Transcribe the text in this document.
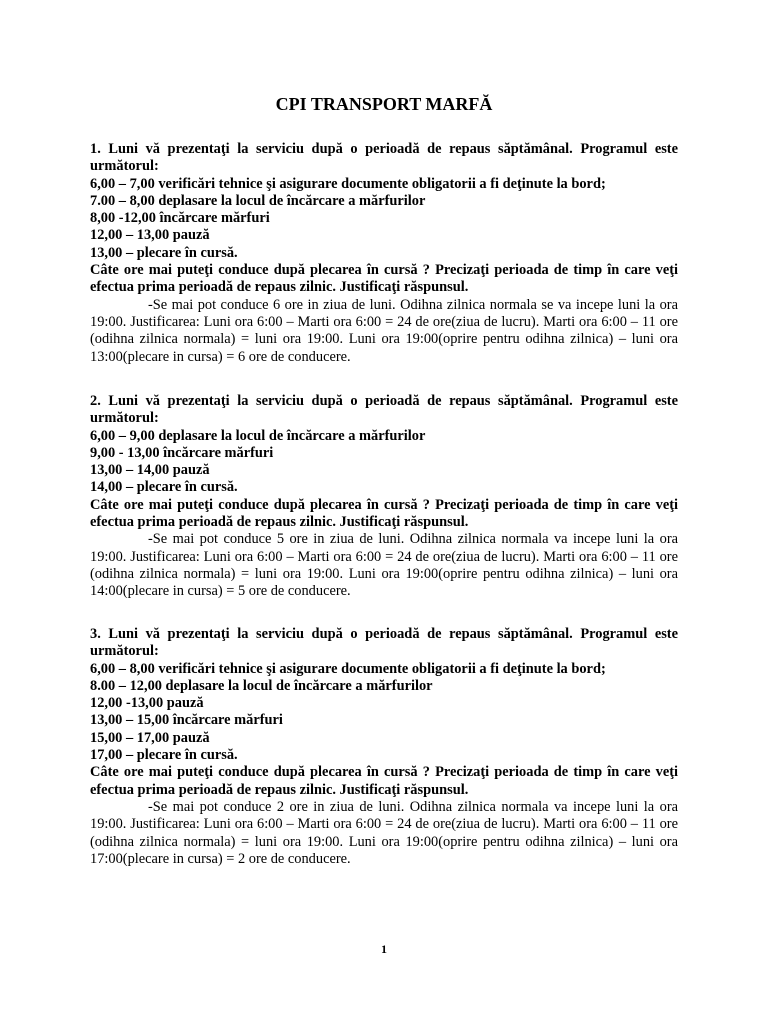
CPI TRANSPORT MARFĂ

1. Luni vă prezentaţi la serviciu după o perioadă de repaus săptămânal. Programul este următorul:

6,00 – 7,00 verificări tehnice şi asigurare documente obligatorii a fi deţinute la bord;

7.00 – 8,00 deplasare la locul de încărcare a mărfurilor

8,00 -12,00 încărcare mărfuri

12,00 – 13,00 pauză

13,00 – plecare în cursă.

Câte ore mai puteţi conduce după plecarea în cursă ? Precizaţi perioada de timp în care veţi efectua prima perioadă de repaus zilnic. Justificaţi răspunsul.

-Se mai pot conduce 6 ore in ziua de luni. Odihna zilnica normala se va incepe luni la ora 19:00. Justificarea: Luni ora 6:00 – Marti ora 6:00 = 24 de ore(ziua de lucru). Marti ora 6:00 – 11 ore (odihna zilnica normala) = luni ora 19:00. Luni ora 19:00(oprire pentru odihna zilnica) – luni ora 13:00(plecare in cursa) = 6 ore de conducere.

2. Luni vă prezentaţi la serviciu după o perioadă de repaus săptămânal. Programul este următorul:

6,00 – 9,00 deplasare la locul de încărcare a mărfurilor

9,00 - 13,00 încărcare mărfuri

13,00 – 14,00 pauză

14,00 – plecare în cursă.

Câte ore mai puteţi conduce după plecarea în cursă ? Precizaţi perioada de timp în care veţi efectua prima perioadă de repaus zilnic. Justificaţi răspunsul.

-Se mai pot conduce 5 ore in ziua de luni. Odihna zilnica normala va incepe luni la ora 19:00. Justificarea: Luni ora 6:00 – Marti ora 6:00 = 24 de ore(ziua de lucru). Marti ora 6:00 – 11 ore (odihna zilnica normala) = luni ora 19:00. Luni ora 19:00(oprire pentru odihna zilnica) – luni ora 14:00(plecare in cursa) = 5 ore de conducere.

3. Luni vă prezentaţi la serviciu după o perioadă de repaus săptămânal. Programul este următorul:

6,00 – 8,00 verificări tehnice şi asigurare documente obligatorii a fi deţinute la bord;

8.00 – 12,00 deplasare la locul de încărcare a mărfurilor

12,00 -13,00 pauză

13,00 – 15,00 încărcare mărfuri

15,00 – 17,00 pauză

17,00 – plecare în cursă.

Câte ore mai puteţi conduce după plecarea în cursă ? Precizaţi perioada de timp în care veţi efectua prima perioadă de repaus zilnic. Justificaţi răspunsul.

-Se mai pot conduce 2 ore in ziua de luni. Odihna zilnica normala va incepe luni la ora 19:00. Justificarea: Luni ora 6:00 – Marti ora 6:00 = 24 de ore(ziua de lucru). Marti ora 6:00 – 11 ore (odihna zilnica normala) = luni ora 19:00. Luni ora 19:00(oprire pentru odihna zilnica) – luni ora 17:00(plecare in cursa) = 2 ore de conducere.

1
